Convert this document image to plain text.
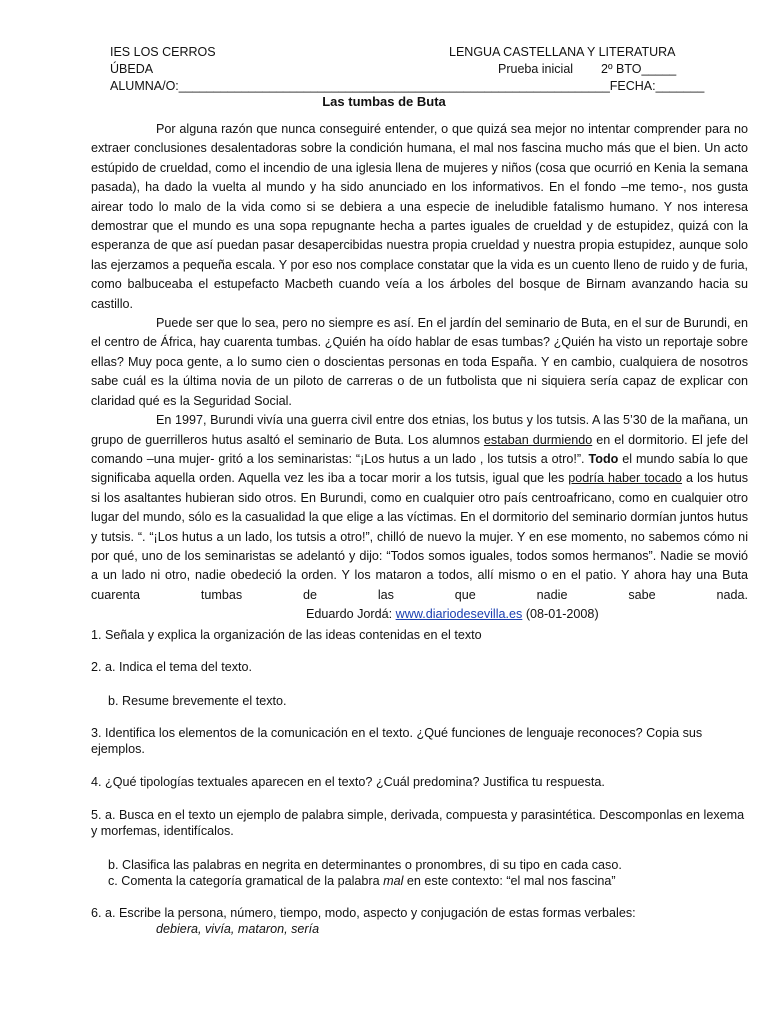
IES LOS CERROS
ÚBEDA
ALUMNA/O:______________________________________________________________FECHA:_______
LENGUA CASTELLANA Y LITERATURA
Prueba inicial 2º BTO_____
Las tumbas de Buta

Por alguna razón que nunca conseguiré entender, o que quizá sea mejor no intentar comprender para no extraer conclusiones desalentadoras sobre la condición humana, el mal nos fascina mucho más que el bien. Un acto estúpido de crueldad, como el incendio de una iglesia llena de mujeres y niños (cosa que ocurrió en Kenia la semana pasada), ha dado la vuelta al mundo y ha sido anunciado en los informativos. En el fondo –me temo-, nos gusta airear todo lo malo de la vida como si se debiera a una especie de ineludible fatalismo humano. Y nos interesa demostrar que el mundo es una sopa repugnante hecha a partes iguales de crueldad y de estupidez, quizá con la esperanza de que así puedan pasar desapercibidas nuestra propia crueldad y nuestra propia estupidez, aunque solo las ejerzamos a pequeña escala. Y por eso nos complace constatar que la vida es un cuento lleno de ruido y de furia, como balbuceaba el estupefacto Macbeth cuando veía a los árboles del bosque de Birnam avanzando hacia su castillo.

Puede ser que lo sea, pero no siempre es así. En el jardín del seminario de Buta, en el sur de Burundi, en el centro de África, hay cuarenta tumbas. ¿Quién ha oído hablar de esas tumbas? ¿Quién ha visto un reportaje sobre ellas? Muy poca gente, a lo sumo cien o doscientas personas en toda España. Y en cambio, cualquiera de nosotros sabe cuál es la última novia de un piloto de carreras o de un futbolista que ni siquiera sería capaz de explicar con claridad qué es la Seguridad Social.

En 1997, Burundi vivía una guerra civil entre dos etnias, los butus y los tutsis. A las 5’30 de la mañana, un grupo de guerrilleros hutus asaltó el seminario de Buta. Los alumnos estaban durmiendo en el dormitorio. El jefe del comando –una mujer- gritó a los seminaristas: “¡Los hutus a un lado , los tutsis a otro!”. Todo el mundo sabía lo que significaba aquella orden. Aquella vez les iba a tocar morir a los tutsis, igual que les podría haber tocado a los hutus si los asaltantes hubieran sido otros. En Burundi, como en cualquier otro país centroafricano, como en cualquier otro lugar del mundo, sólo es la casualidad la que elige a las víctimas. En el dormitorio del seminario dormían juntos hutus y tutsis. “. “¡Los hutus a un lado, los tutsis a otro!”, chilló de nuevo la mujer. Y en ese momento, no sabemos cómo ni por qué, uno de los seminaristas se adelantó y dijo: “Todos somos iguales, todos somos hermanos”. Nadie se movió a un lado ni otro, nadie obedeció la orden. Y los mataron a todos, allí mismo o en el patio. Y ahora hay una Buta cuarenta tumbas de las que nadie sabe nada.Eduardo Jordá: www.diariodesevilla.es (08-01-2008)

1. Señala y explica la organización de las ideas contenidas en el texto
2. a. Indica el tema del texto.
b. Resume brevemente el texto.
3. Identifica los elementos de la comunicación en el texto. ¿Qué funciones de lenguaje reconoces? Copia sus ejemplos.
4. ¿Qué tipologías textuales aparecen en el texto? ¿Cuál predomina? Justifica tu respuesta.
5. a. Busca en el texto un ejemplo de palabra simple, derivada, compuesta y parasintética. Descomponlas en lexema y morfemas, identifícalos.
b. Clasifica las palabras en negrita en determinantes o pronombres, di su tipo en cada caso.
c. Comenta la categoría gramatical de la palabra mal en este contexto: “el mal nos fascina”
6. a. Escribe la persona, número, tiempo, modo, aspecto y conjugación de estas formas verbales:
debiera, vivía, mataron, sería
